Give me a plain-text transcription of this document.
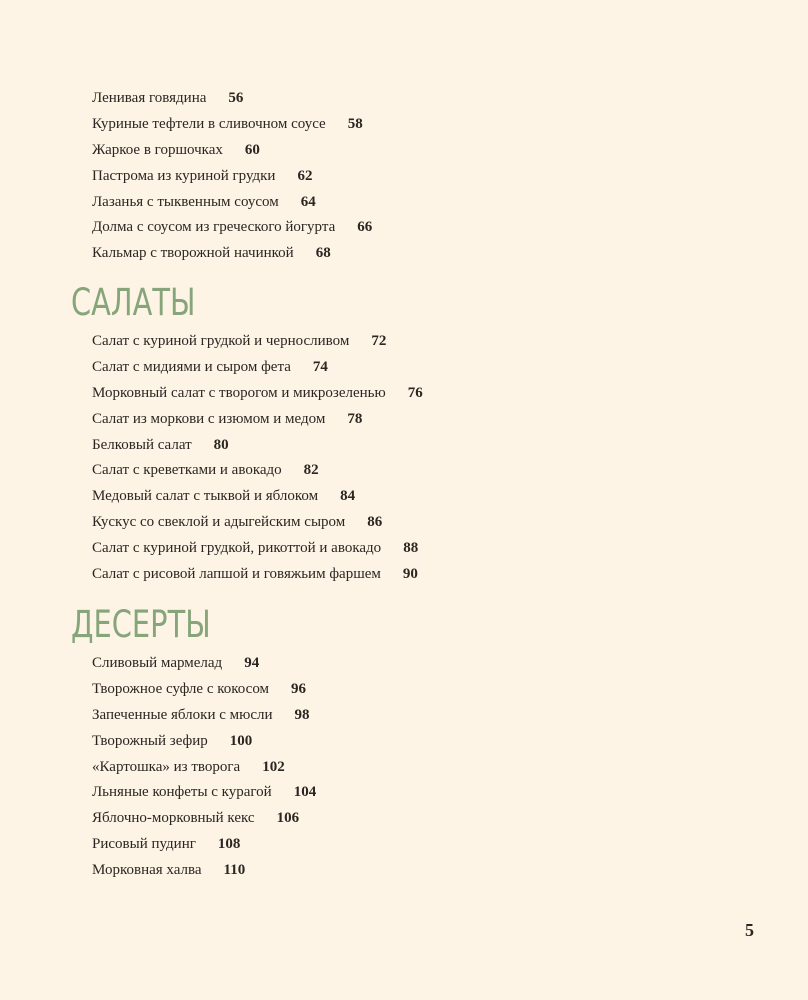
Ленивая говядина 56
Куриные тефтели в сливочном соусе 58
Жаркое в горшочках 60
Пастрома из куриной грудки 62
Лазанья с тыквенным соусом 64
Долма с соусом из греческого йогурта 66
Кальмар с творожной начинкой 68
САЛАТЫ
Салат с куриной грудкой и черносливом 72
Салат с мидиями и сыром фета 74
Морковный салат с творогом и микрозеленью 76
Салат из моркови с изюмом и медом 78
Белковый салат 80
Салат с креветками и авокадо 82
Медовый салат с тыквой и яблоком 84
Кускус со свеклой и адыгейским сыром 86
Салат с куриной грудкой, рикоттой и авокадо 88
Салат с рисовой лапшой и говяжьим фаршем 90
ДЕСЕРТЫ
Сливовый мармелад 94
Творожное суфле с кокосом 96
Запеченные яблоки с мюсли 98
Творожный зефир 100
«Картошка» из творога 102
Льняные конфеты с курагой 104
Яблочно-морковный кекс 106
Рисовый пудинг 108
Морковная халва 110
5
